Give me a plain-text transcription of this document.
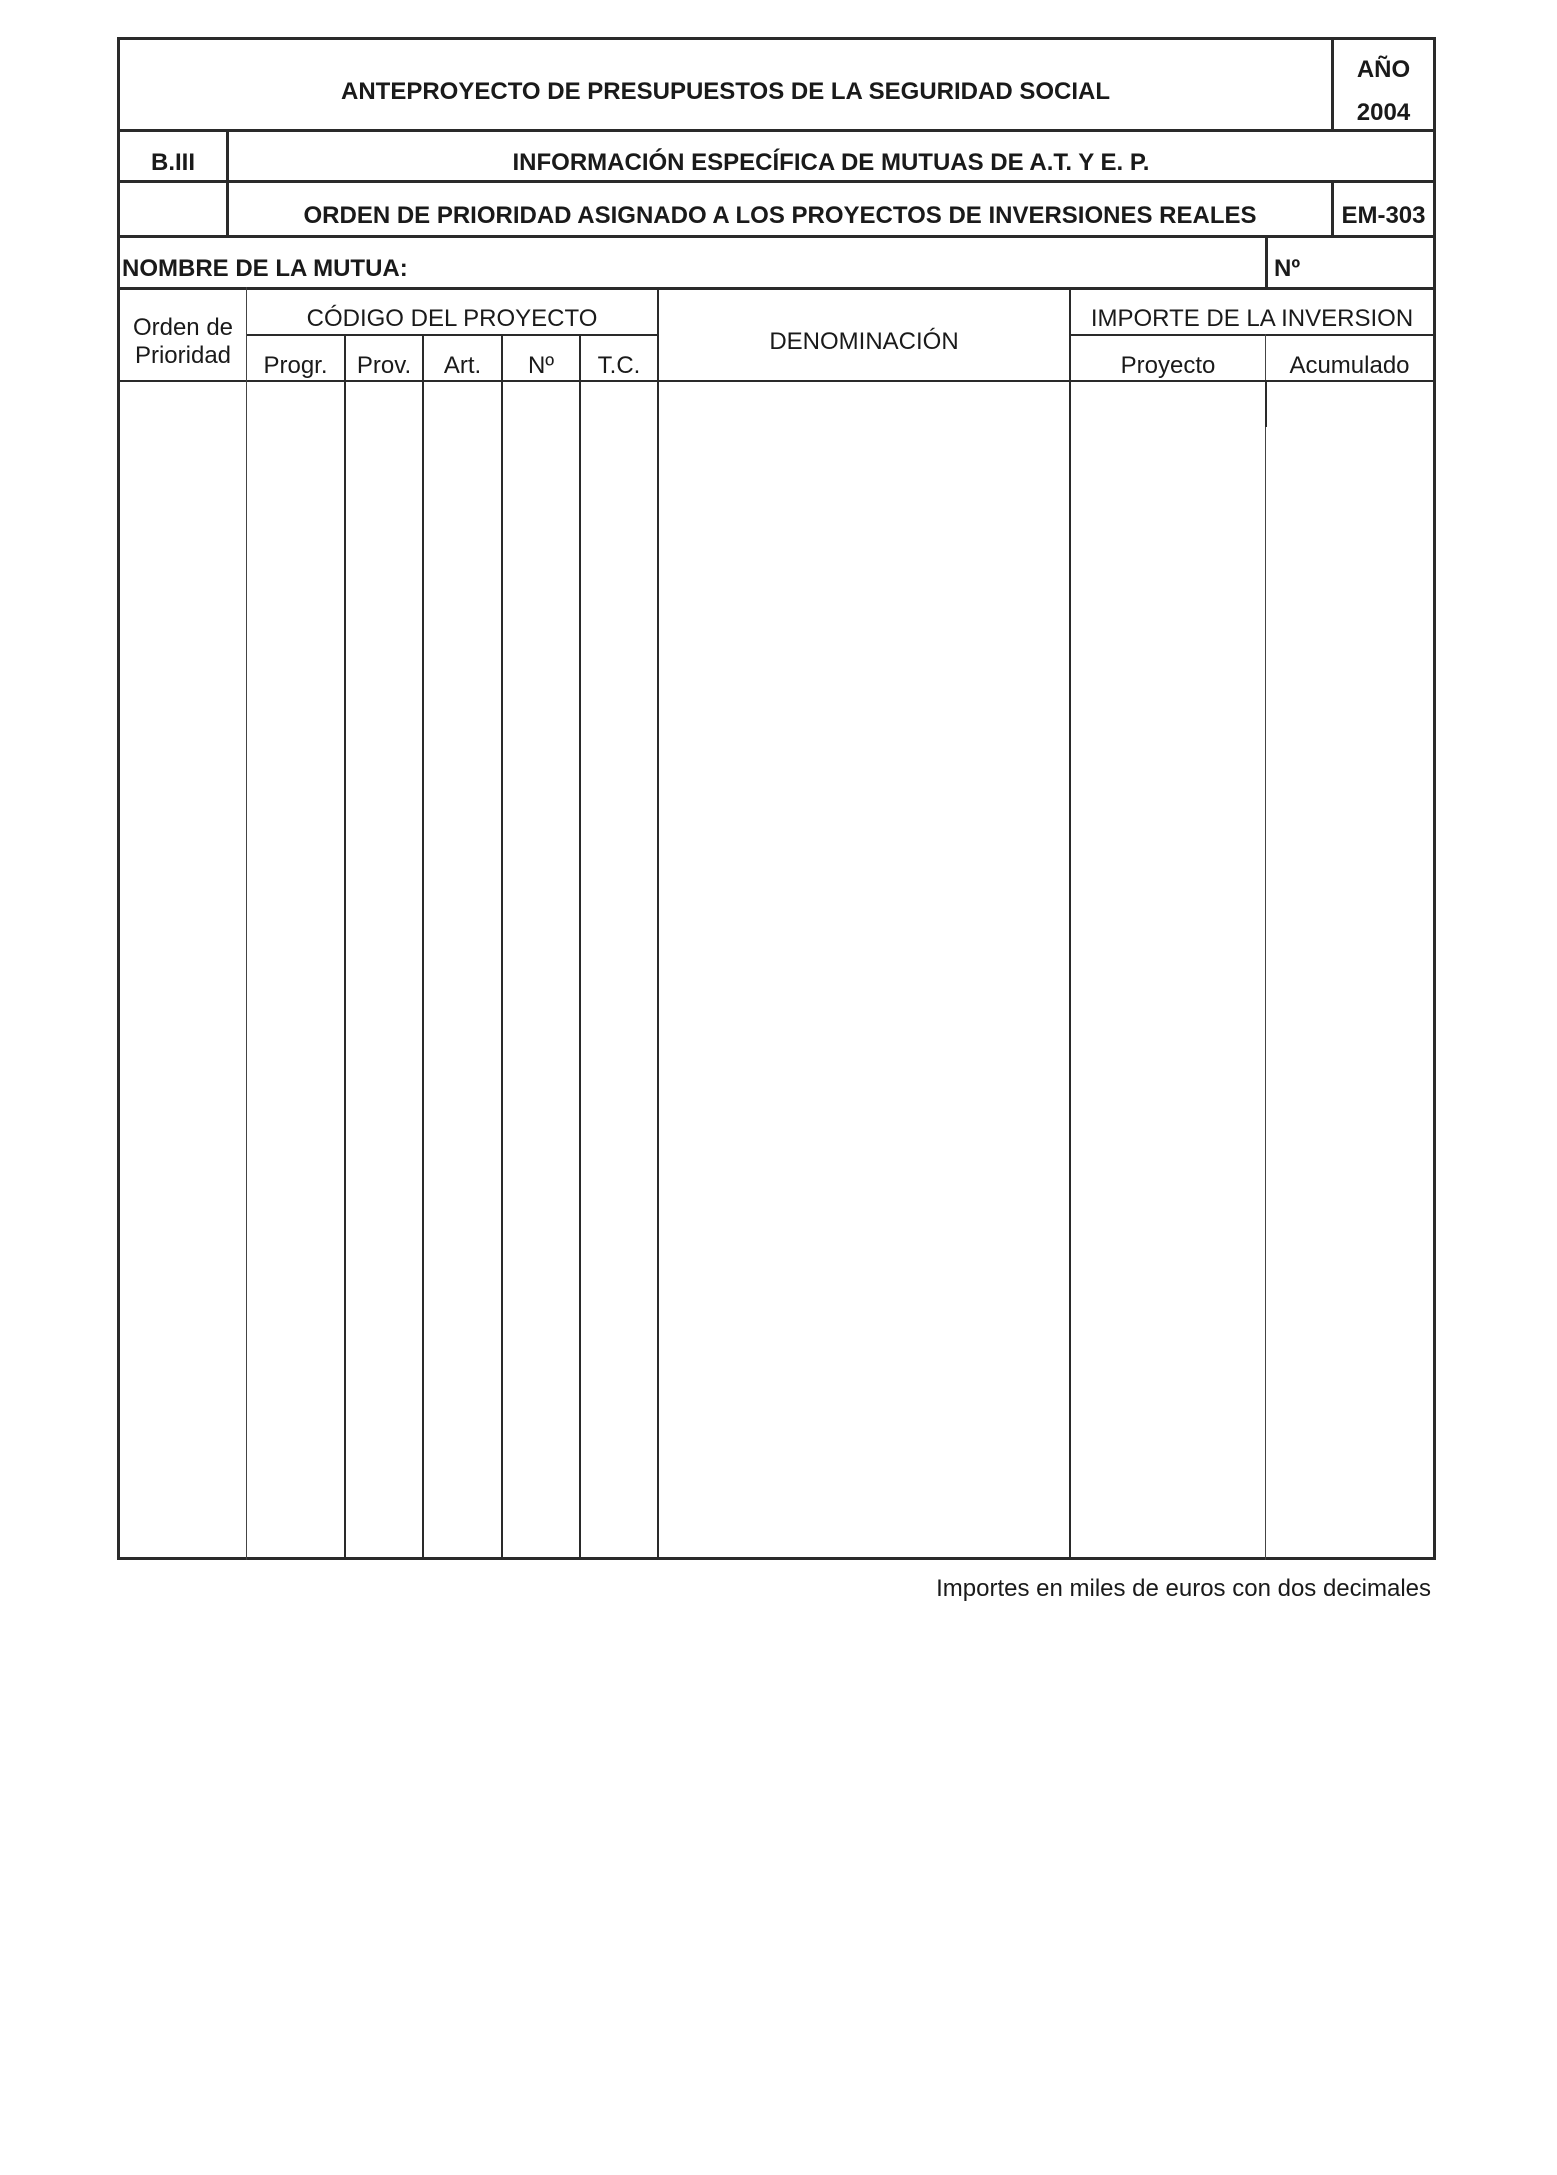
ANTEPROYECTO DE PRESUPUESTOS DE LA SEGURIDAD SOCIAL
AÑO
2004
B.III	INFORMACIÓN ESPECÍFICA DE MUTUAS DE A.T. Y E. P.
ORDEN DE PRIORIDAD ASIGNADO A LOS PROYECTOS DE INVERSIONES REALES	EM-303
NOMBRE DE LA MUTUA:	Nº
Orden de
Prioridad
CÓDIGO DEL PROYECTO
Progr.	Prov.	Art.	Nº	T.C.
DENOMINACIÓN
IMPORTE DE LA INVERSION
Proyecto	Acumulado
Importes en miles de euros con dos decimales
